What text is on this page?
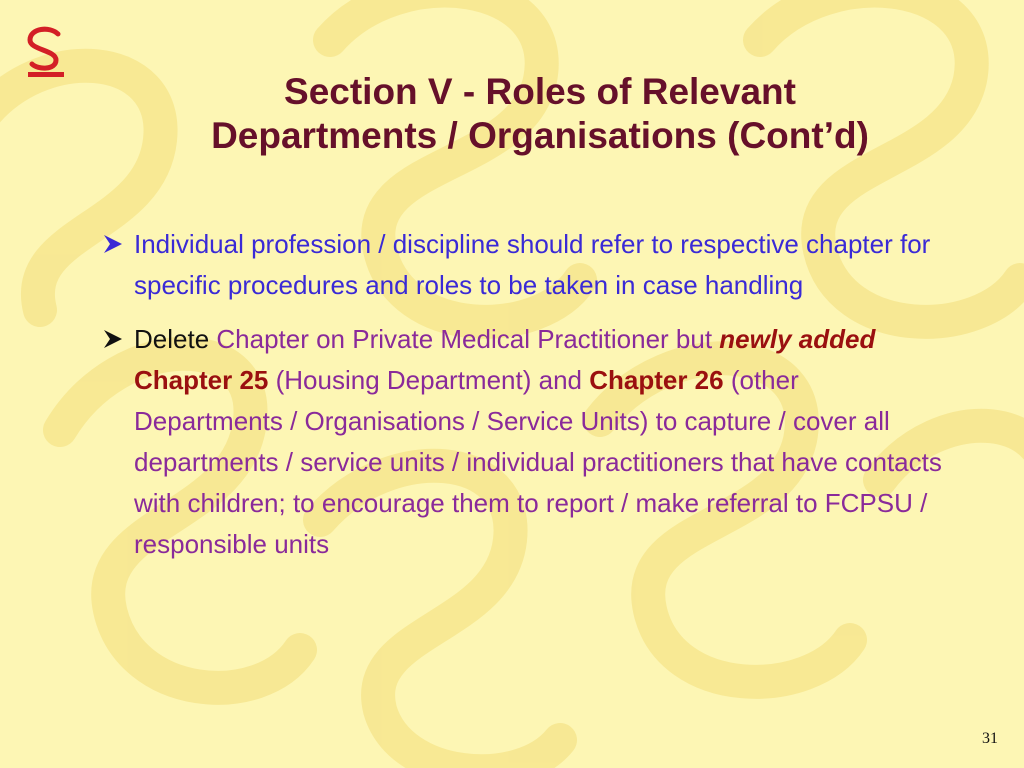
Section V - Roles of Relevant
Departments / Organisations (Cont’d)
Individual profession / discipline should refer to respective chapter for specific procedures and roles to be taken in case handling
Delete Chapter on Private Medical Practitioner but newly added Chapter 25 (Housing Department) and Chapter 26 (other Departments / Organisations / Service Units) to capture / cover all departments / service units / individual practitioners that have contacts with children; to encourage them to report / make referral to FCPSU / responsible units
31
